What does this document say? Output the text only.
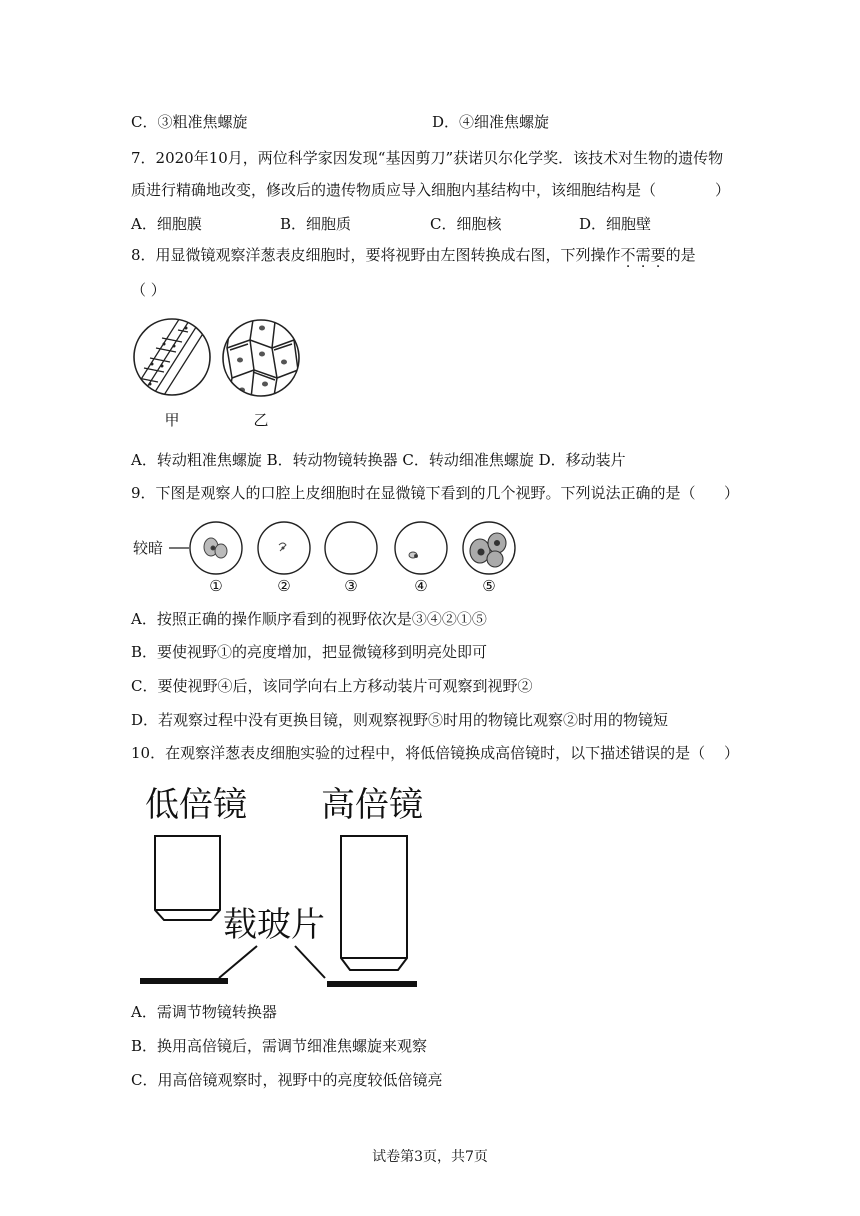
C．③粗准焦螺旋	D．④细准焦螺旋
7．2020年10月，两位科学家因发现“基因剪刀”获诺贝尔化学奖．该技术对生物的遗传物
质进行精确地改变，修改后的遗传物质应导入细胞内基结构中，该细胞结构是（	）
A．细胞膜	B．细胞质	C．细胞核	D．细胞壁
8．用显微镜观察洋葱表皮细胞时，要将视野由左图转换成右图，下列操作不需要的是
（ ）
甲	乙
A．转动粗准焦螺旋 B．转动物镜转换器 C．转动细准焦螺旋 D．移动装片
9．下图是观察人的口腔上皮细胞时在显微镜下看到的几个视野。下列说法正确的是（ ）
较暗
①	②	③	④	⑤
A．按照正确的操作顺序看到的视野依次是③④②①⑤
B．要使视野①的亮度增加，把显微镜移到明亮处即可
C．要使视野④后，该同学向右上方移动装片可观察到视野②
D．若观察过程中没有更换目镜，则观察视野⑤时用的物镜比观察②时用的物镜短
10．在观察洋葱表皮细胞实验的过程中，将低倍镜换成高倍镜时，以下描述错误的是（ ）
低倍镜 高倍镜
载玻片
A．需调节物镜转换器
B．换用高倍镜后，需调节细准焦螺旋来观察
C．用高倍镜观察时，视野中的亮度较低倍镜亮
试卷第3页，共7页
